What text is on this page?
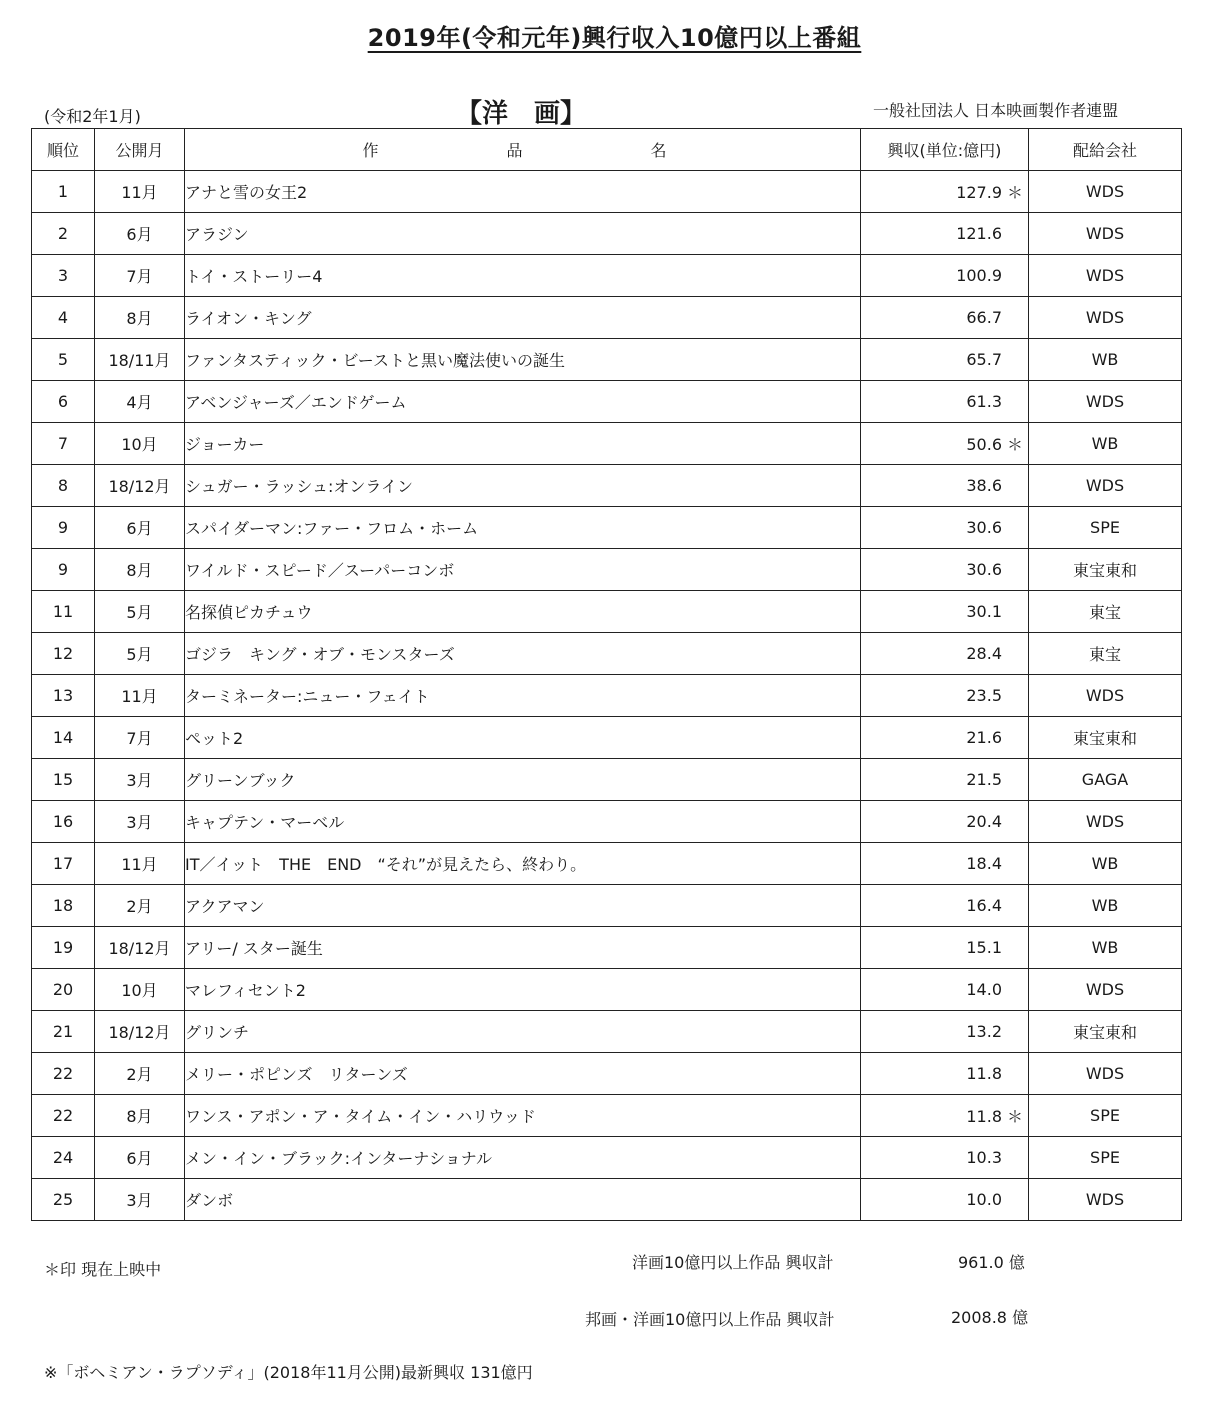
2019年(令和元年)興行収入10億円以上番組
(令和2年1月)	【洋　画】	一般社団法人 日本映画製作者連盟
順位	公開月	作　品　名	興収(単位:億円)	配給会社
1	11月	アナと雪の女王2	127.9 ＊	WDS
2	6月	アラジン	121.6	WDS
3	7月	トイ・ストーリー4	100.9	WDS
4	8月	ライオン・キング	66.7	WDS
5	18/11月	ファンタスティック・ビーストと黒い魔法使いの誕生	65.7	WB
6	4月	アベンジャーズ／エンドゲーム	61.3	WDS
7	10月	ジョーカー	50.6 ＊	WB
8	18/12月	シュガー・ラッシュ:オンライン	38.6	WDS
9	6月	スパイダーマン:ファー・フロム・ホーム	30.6	SPE
9	8月	ワイルド・スピード／スーパーコンボ	30.6	東宝東和
11	5月	名探偵ピカチュウ	30.1	東宝
12	5月	ゴジラ　キング・オブ・モンスターズ	28.4	東宝
13	11月	ターミネーター:ニュー・フェイト	23.5	WDS
14	7月	ペット2	21.6	東宝東和
15	3月	グリーンブック	21.5	GAGA
16	3月	キャプテン・マーベル	20.4	WDS
17	11月	IT／イット　THE　END　“それ”が見えたら、終わり。	18.4	WB
18	2月	アクアマン	16.4	WB
19	18/12月	アリー/ スター誕生	15.1	WB
20	10月	マレフィセント2	14.0	WDS
21	18/12月	グリンチ	13.2	東宝東和
22	2月	メリー・ポピンズ　リターンズ	11.8	WDS
22	8月	ワンス・アポン・ア・タイム・イン・ハリウッド	11.8 ＊	SPE
24	6月	メン・イン・ブラック:インターナショナル	10.3	SPE
25	3月	ダンボ	10.0	WDS
＊印 現在上映中	洋画10億円以上作品 興収計	961.0 億
邦画・洋画10億円以上作品 興収計	2008.8 億
※「ボヘミアン・ラプソディ」(2018年11月公開)最新興収 131億円
